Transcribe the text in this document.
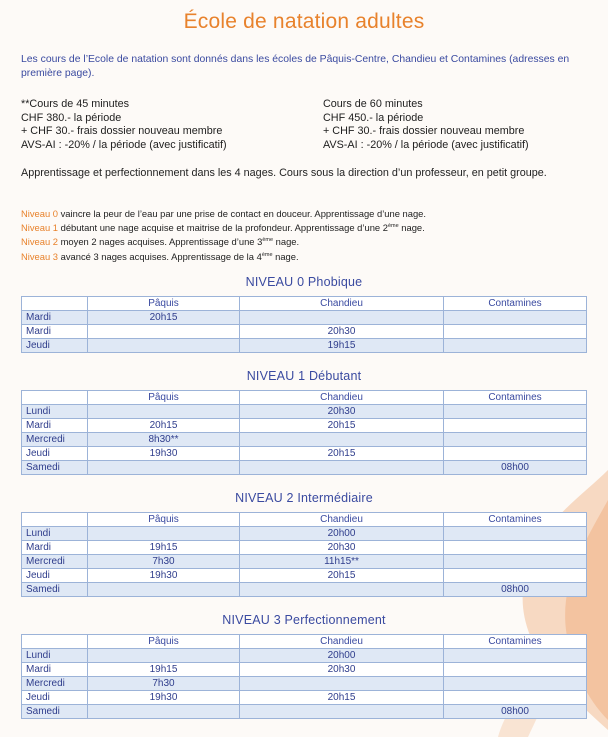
École de natation adultes
Les cours de l’Ecole de natation sont donnés dans les écoles de Pâquis-Centre, Chandieu et Contamines (adresses en première page).
**Cours de 45 minutes
CHF 380.- la période
+ CHF 30.- frais dossier nouveau membre
AVS-AI : -20% / la période (avec justificatif)
Cours de 60 minutes
CHF 450.- la période
+ CHF 30.- frais dossier nouveau membre
AVS-AI : -20% / la période (avec justificatif)
Apprentissage et perfectionnement dans les 4 nages. Cours sous la direction d’un professeur, en petit groupe.
Niveau 0 vaincre la peur de l’eau par une prise de contact en douceur. Apprentissage d’une nage.
Niveau 1 débutant une nage acquise et maitrise de la profondeur. Apprentissage d’une 2ème nage.
Niveau 2 moyen 2 nages acquises. Apprentissage d’une 3ème nage.
Niveau 3 avancé 3 nages acquises. Apprentissage de la 4ème nage.
NIVEAU 0 Phobique
	Pâquis	Chandieu	Contamines
Mardi	20h15		
Mardi		20h30	
Jeudi		19h15	
NIVEAU 1 Débutant
	Pâquis	Chandieu	Contamines
Lundi		20h30	
Mardi	20h15	20h15	
Mercredi	8h30**		
Jeudi	19h30	20h15	
Samedi			08h00
NIVEAU 2 Intermédiaire
	Pâquis	Chandieu	Contamines
Lundi		20h00	
Mardi	19h15	20h30	
Mercredi	7h30	11h15**	
Jeudi	19h30	20h15	
Samedi			08h00
NIVEAU 3 Perfectionnement
	Pâquis	Chandieu	Contamines
Lundi		20h00	
Mardi	19h15	20h30	
Mercredi	7h30		
Jeudi	19h30	20h15	
Samedi			08h00
